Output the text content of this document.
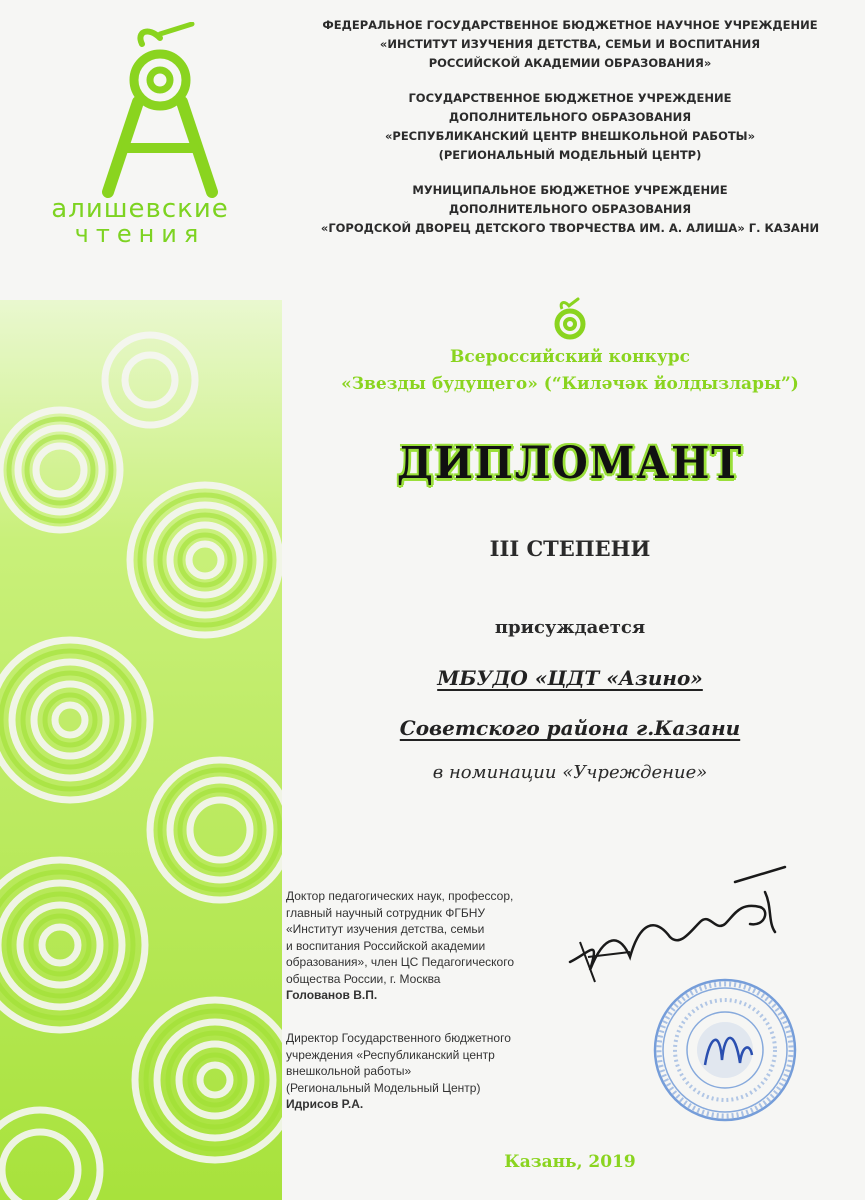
алишевские
чтения
ФЕДЕРАЛЬНОЕ ГОСУДАРСТВЕННОЕ БЮДЖЕТНОЕ НАУЧНОЕ УЧРЕЖДЕНИЕ
«ИНСТИТУТ ИЗУЧЕНИЯ ДЕТСТВА, СЕМЬИ И ВОСПИТАНИЯ
РОССИЙСКОЙ АКАДЕМИИ ОБРАЗОВАНИЯ»
ГОСУДАРСТВЕННОЕ БЮДЖЕТНОЕ УЧРЕЖДЕНИЕ
ДОПОЛНИТЕЛЬНОГО ОБРАЗОВАНИЯ
«РЕСПУБЛИКАНСКИЙ ЦЕНТР ВНЕШКОЛЬНОЙ РАБОТЫ»
(РЕГИОНАЛЬНЫЙ МОДЕЛЬНЫЙ ЦЕНТР)
МУНИЦИПАЛЬНОЕ БЮДЖЕТНОЕ УЧРЕЖДЕНИЕ
ДОПОЛНИТЕЛЬНОГО ОБРАЗОВАНИЯ
«ГОРОДСКОЙ ДВОРЕЦ ДЕТСКОГО ТВОРЧЕСТВА ИМ. А. АЛИША» Г. КАЗАНИ
Всероссийский конкурс
«Звезды будущего» (“Киләчәк йолдызлары”)
ДИПЛОМАНТ
III СТЕПЕНИ
присуждается
МБУДО «ЦДТ «Азино»
Советского района г.Казани
в номинации «Учреждение»
Доктор педагогических наук, профессор,
главный научный сотрудник ФГБНУ
«Институт изучения детства, семьи
и воспитания Российской академии
образования», член ЦС Педагогического
общества России, г. Москва
Голованов В.П.
Директор Государственного бюджетного
учреждения «Республиканский центр
внешкольной работы»
(Региональный Модельный Центр)
Идрисов Р.А.
Казань, 2019
